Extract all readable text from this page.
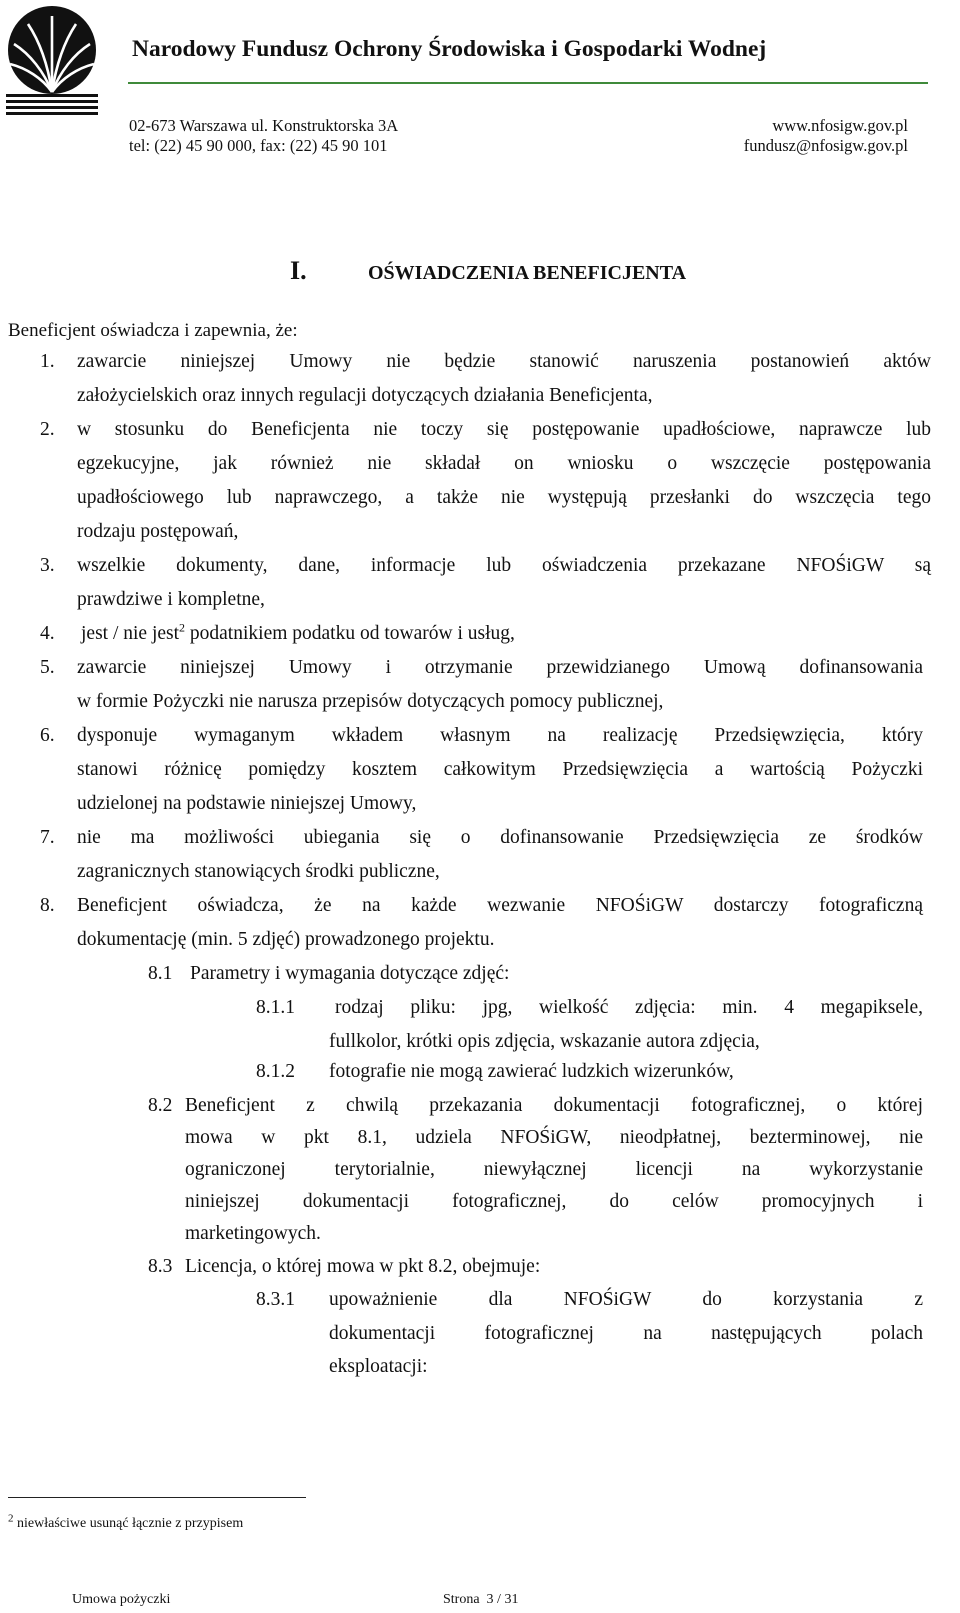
Narodowy Fundusz Ochrony Środowiska i Gospodarki Wodnej
02-673 Warszawa ul. Konstruktorska 3A
tel: (22) 45 90 000, fax: (22) 45 90 101
www.nfosigw.gov.pl
fundusz@nfosigw.gov.pl
I.	OŚWIADCZENIA BENEFICJENTA
Beneficjent oświadcza i zapewnia, że:
1. zawarcie niniejszej Umowy nie będzie stanowić naruszenia postanowień aktów
założycielskich oraz innych regulacji dotyczących działania Beneficjenta,
2. w stosunku do Beneficjenta nie toczy się postępowanie upadłościowe, naprawcze lub
egzekucyjne, jak również nie składał on wniosku o wszczęcie postępowania
upadłościowego lub naprawczego, a także nie występują przesłanki do wszczęcia tego
rodzaju postępowań,
3. wszelkie dokumenty, dane, informacje lub oświadczenia przekazane NFOŚiGW są
prawdziwe i kompletne,
4. jest / nie jest$^2$ podatnikiem podatku od towarów i usług,
5. zawarcie niniejszej Umowy i otrzymanie przewidzianego Umową dofinansowania
w formie Pożyczki nie narusza przepisów dotyczących pomocy publicznej,
6. dysponuje wymaganym wkładem własnym na realizację Przedsięwzięcia, który
stanowi różnicę pomiędzy kosztem całkowitym Przedsięwzięcia a wartością Pożyczki
udzielonej na podstawie niniejszej Umowy,
7. nie ma możliwości ubiegania się o dofinansowanie Przedsięwzięcia ze środków
zagranicznych stanowiących środki publiczne,
8. Beneficjent oświadcza, że na każde wezwanie NFOŚiGW dostarczy fotograficzną
dokumentację (min. 5 zdjęć) prowadzonego projektu.
8.1 Parametry i wymagania dotyczące zdjęć:
8.1.1 rodzaj pliku: jpg, wielkość zdjęcia: min. 4 megapiksele,
fullkolor, krótki opis zdjęcia, wskazanie autora zdjęcia,
8.1.2 fotografie nie mogą zawierać ludzkich wizerunków,
8.2 Beneficjent z chwilą przekazania dokumentacji fotograficznej, o której
mowa w pkt 8.1, udziela NFOŚiGW, nieodpłatnej, bezterminowej, nie
ograniczonej terytorialnie, niewyłącznej licencji na wykorzystanie
niniejszej dokumentacji fotograficznej, do celów promocyjnych i
marketingowych.
8.3 Licencja, o której mowa w pkt 8.2, obejmuje:
8.3.1 upoważnienie dla NFOŚiGW do korzystania z
dokumentacji fotograficznej na następujących polach
eksploatacji:
$^2$ niewłaściwe usunąć łącznie z przypisem
Umowa pożyczki	Strona  3 / 31
